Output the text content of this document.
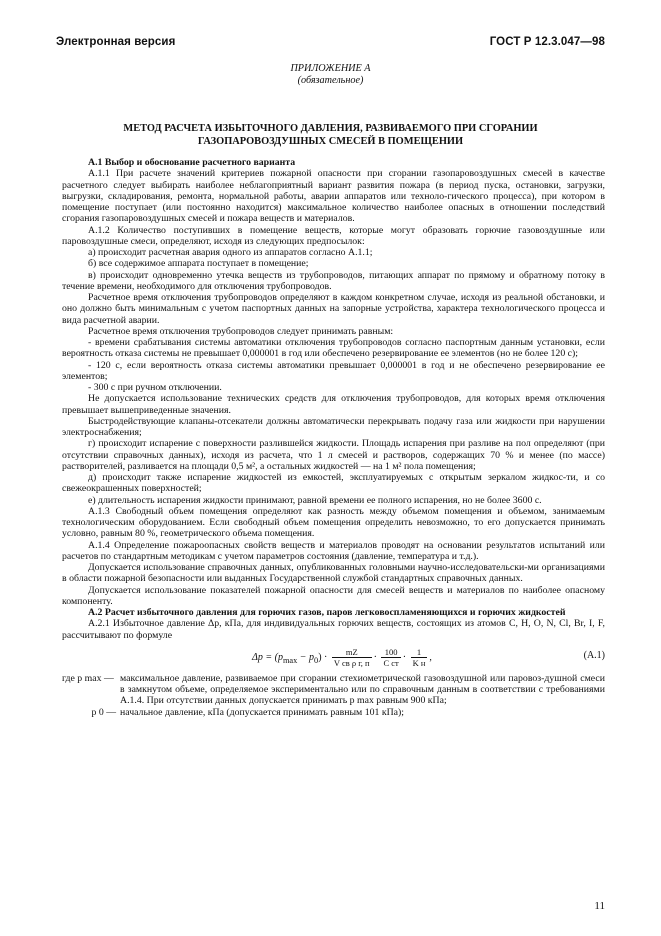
Электронная версия	ГОСТ Р 12.3.047—98
ПРИЛОЖЕНИЕ А
(обязательное)
МЕТОД РАСЧЕТА ИЗБЫТОЧНОГО ДАВЛЕНИЯ, РАЗВИВАЕМОГО ПРИ СГОРАНИИ ГАЗОПАРОВОЗДУШНЫХ СМЕСЕЙ В ПОМЕЩЕНИИ
А.1 Выбор и обоснование расчетного варианта

А.1.1 При расчете значений критериев пожарной опасности при сгорании газопаровоздушных смесей в качестве расчетного следует выбирать наиболее неблагоприятный вариант развития пожара (в период пуска, остановки, загрузки, выгрузки, складирования, ремонта, нормальной работы, аварии аппаратов или техноло-гического процесса), при котором в помещение поступает (или постоянно находится) максимальное количество наиболее опасных в отношении последствий сгорания газопаровоздушных смесей и пожара веществ и материалов.

А.1.2 Количество поступивших в помещение веществ, которые могут образовать горючие газовоздушные или паровоздушные смеси, определяют, исходя из следующих предпосылок:

а) происходит расчетная авария одного из аппаратов согласно А.1.1;

б) все содержимое аппарата поступает в помещение;

в) происходит одновременно утечка веществ из трубопроводов, питающих аппарат по прямому и обратному потоку в течение времени, необходимого для отключения трубопроводов.

Расчетное время отключения трубопроводов определяют в каждом конкретном случае, исходя из реальной обстановки, и оно должно быть минимальным с учетом паспортных данных на запорные устройства, характера технологического процесса и вида расчетной аварии.

Расчетное время отключения трубопроводов следует принимать равным:

- времени срабатывания системы автоматики отключения трубопроводов согласно паспортным данным установки, если вероятность отказа системы не превышает 0,000001 в год или обеспечено резервирование ее элементов (но не более 120 с);

- 120 с, если вероятность отказа системы автоматики превышает 0,000001 в год и не обеспечено резервирование ее элементов;

- 300 с при ручном отключении.

Не допускается использование технических средств для отключения трубопроводов, для которых время отключения превышает вышеприведенные значения.

Быстродействующие клапаны-отсекатели должны автоматически перекрывать подачу газа или жидкости при нарушении электроснабжения;

г) происходит испарение с поверхности разлившейся жидкости. Площадь испарения при разливе на пол определяют (при отсутствии справочных данных), исходя из расчета, что 1 л смесей и растворов, содержащих 70 % и менее (по массе) растворителей, разливается на площади 0,5 м², а остальных жидкостей — на 1 м² пола помещения;

д) происходит также испарение жидкостей из емкостей, эксплуатируемых с открытым зеркалом жидкос-ти, и со свежеокрашенных поверхностей;

е) длительность испарения жидкости принимают, равной времени ее полного испарения, но не более 3600 с.

А.1.3 Свободный объем помещения определяют как разность между объемом помещения и объемом, занимаемым технологическим оборудованием. Если свободный объем помещения определить невозможно, то его допускается принимать условно, равным 80 %, геометрического объема помещения.

А.1.4 Определение пожароопасных свойств веществ и материалов проводят на основании результатов испытаний или расчетов по стандартным методикам с учетом параметров состояния (давление, температура и т.д.).

Допускается использование справочных данных, опубликованных головными научно-исследовательски-ми организациями в области пожарной безопасности или выданных Государственной службой стандартных справочных данных.

Допускается использование показателей пожарной опасности для смесей веществ и материалов по наиболее опасному компоненту.

А.2 Расчет избыточного давления для горючих газов, паров легковоспламеняющихся и горючих жидкостей

А.2.1 Избыточное давление Δp, кПа, для индивидуальных горючих веществ, состоящих из атомов С, Н, О, N, Cl, Br, I, F, рассчитывают по формуле

$\Delta p = (p_{max} - p_0) \cdot \frac{mZ}{\text{V св ρ г, п}} \cdot \frac{100}{\text{C ст}} \cdot \frac{1}{\text{K н}}$ ,	(А.1)
где p max — максимальное давление, развиваемое при сгорании стехиометрической газовоздушной или паровоз-душной смеси в замкнутом объеме, определяемое экспериментально или по справочным данным в соответствии с требованиями А.1.4. При отсутствии данных допускается принимать p max равным 900 кПа;
p 0 — начальное давление, кПа (допускается принимать равным 101 кПа);
11
